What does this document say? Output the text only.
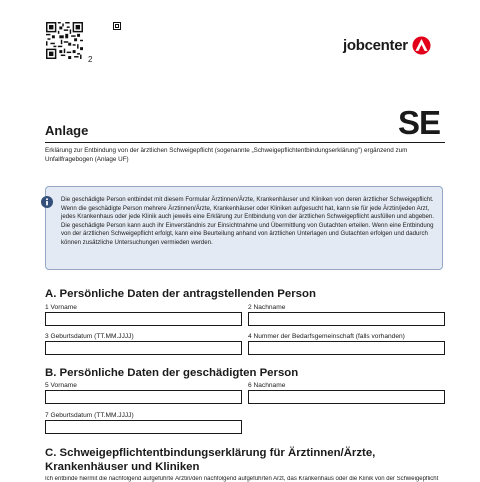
2
jobcenter
Anlage	SE
Erklärung zur Entbindung von der ärztlichen Schweigepflicht (sogenannte „Schweigepflichtentbindungserklärung") ergänzend zum Unfallfragebogen (Anlage UF)
Die geschädigte Person entbindet mit diesem Formular Ärztinnen/Ärzte, Krankenhäuser und Kliniken von deren ärztlicher Schweigepflicht. Wenn die geschädigte Person mehrere Ärztinnen/Ärzte, Krankenhäuser oder Kliniken aufgesucht hat, kann sie für jede Ärztin/jeden Arzt, jedes Krankenhaus oder jede Klinik auch jeweils eine Erklärung zur Entbindung von der ärztlichen Schweigepflicht ausfüllen und abgeben. Die geschädigte Person kann auch ihr Einverständnis zur Einsichtnahme und Übermittlung von Gutachten erteilen. Wenn eine Entbindung von der ärztlichen Schweigepflicht erfolgt, kann eine Beurteilung anhand von ärztlichen Unterlagen und Gutachten erfolgen und dadurch können zusätzliche Untersuchungen vermieden werden.
A. Persönliche Daten der antragstellenden Person
1 Vorname	2 Nachname
3 Geburtsdatum (TT.MM.JJJJ)	4 Nummer der Bedarfsgemeinschaft (falls vorhanden)
B. Persönliche Daten der geschädigten Person
5 Vorname	6 Nachname
7 Geburtsdatum (TT.MM.JJJJ)
C. Schweigepflichtentbindungserklärung für Ärztinnen/Ärzte,
Krankenhäuser und Kliniken
Ich entbinde hiermit die nachfolgend aufgeführte Ärztin/den nachfolgend aufgeführten Arzt, das Krankenhaus oder die Klinik von der Schweigepflicht
